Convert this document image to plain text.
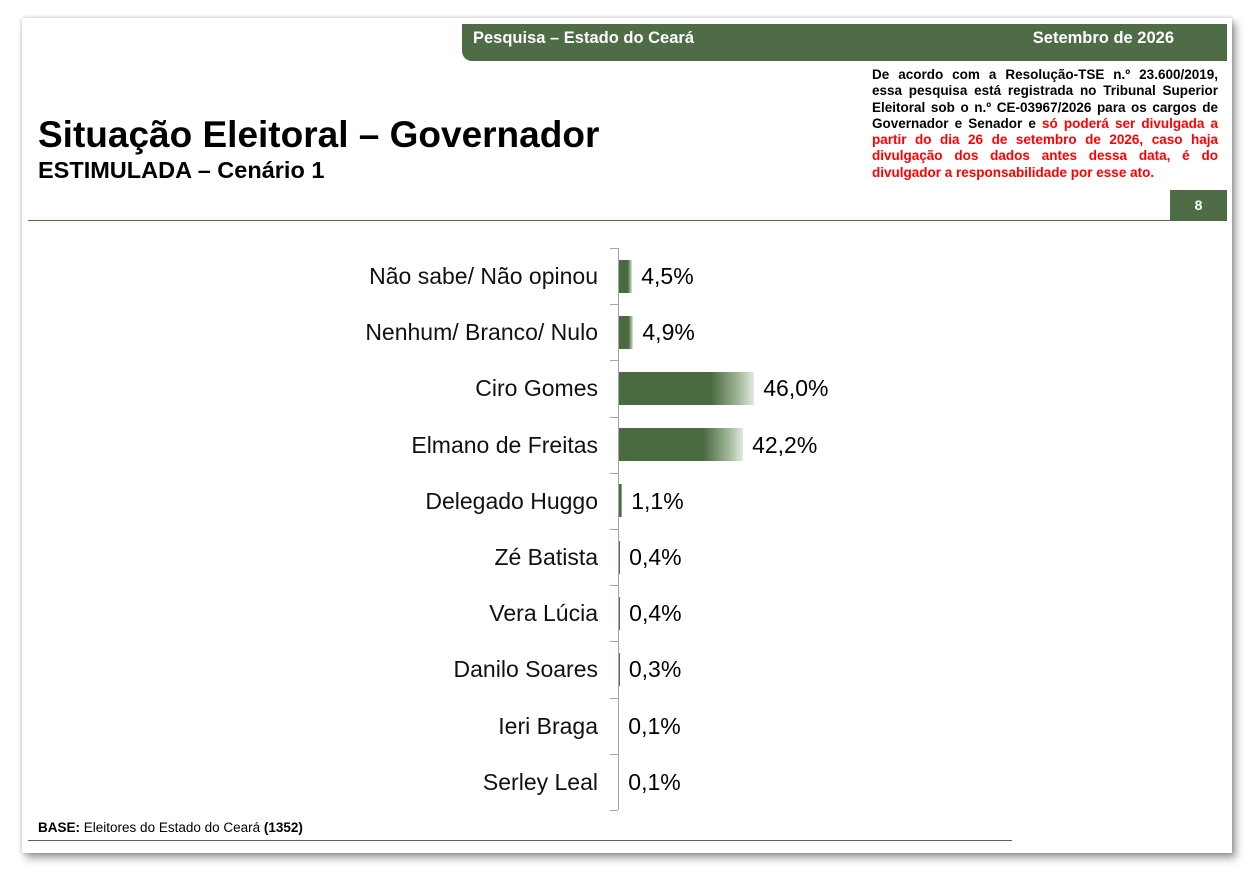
Pesquisa – Estado do Ceará	Setembro de 2026
De acordo com a Resolução-TSE n.º 23.600/2019,
essa pesquisa está registrada no Tribunal Superior
Eleitoral sob o n.º CE-03967/2026 para os cargos de
Governador e Senador e só poderá ser divulgada a
partir do dia 26 de setembro de 2026, caso haja
divulgação dos dados antes dessa data, é do
divulgador a responsabilidade por esse ato.
Situação Eleitoral – Governador
ESTIMULADA – Cenário 1
8
Não sabe/ Não opinou 4,5%
Nenhum/ Branco/ Nulo 4,9%
Ciro Gomes	46,0%
Elmano de Freitas	42,2%
Delegado Huggo 1,1%
Zé Batista 0,4%
Vera Lúcia 0,4%
Danilo Soares 0,3%
Ieri Braga 0,1%
Serley Leal 0,1%
BASE: Eleitores do Estado do Ceará (1352)
